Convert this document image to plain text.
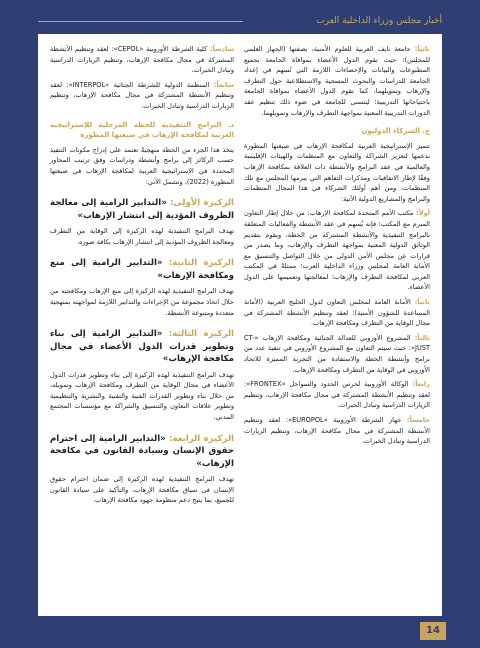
أخبار مجلس وزراء الداخلية العرب

ثانياً: جامعة نايف العربية للعلوم الأمنية، بصفتها (الجهاز العلمي للمجلس): حيث تقوم الدول الأعضاء بموافاة الجامعة بجميع المطبوعات والبيانات والإحصاءات اللازمة التي تُسهم في إعداد الجامعة للدراسات والبحوث المسحية والاستطلاعية حول التطرف والإرهاب وتمويلهما، كما تقوم الدول الأعضاء بموافاة الجامعة باحتياجاتها التدريبية؛ ليتسنى للجامعة في ضوء ذلك تنظيم عقد الدورات التدريبية المعنية بمواجهة التطرف والإرهاب وتمويلهما.

ج. الشركاء الدوليون

تتميز الإستراتيجية العربية لمكافحة الإرهاب في صيغتها المطورة بدعمها لتعزيز الشراكة والتعاون مع المنظمات والهيئات الإقليمية والعالمية في عقد البرامج والأنشطة ذات العلاقة بمكافحة الإرهاب وفقًا لإطار الاتفاقيات ومذكرات التفاهم التي يبرمها المجلس مع تلك المنظمات، ومن أهم أولئك الشركاء في هذا المجال المنظمات والبرامج والمشاريع الدولية الآتية:

أولاً: مكتب الأمم المتحدة لمكافحة الإرهاب: من خلال إطار التعاون المبرم مع المكتب؛ فإنه يُسهم في عقد الأنشطة والفعاليات المتعلقة بالبرامج التنفيذية والأنشطة المشتركة من الخطة، ويقوم بتقديم الوثائق الدولية المعنية بمواجهة التطرف والإرهاب، وما يصدر من قرارات عن مجلس الأمن الدولي من خلال التواصل والتنسيق مع الأمانة العامة لمجلس وزراء الداخلية العرب؛ ممثلةً في المكتب العربي لمكافحة التطرف والإرهاب؛ لمعالجتها وتعميمها على الدول الأعضاء.

ثانياً: الأمانة العامة لمجلس التعاون لدول الخليج العربية (الأمانة المساعدة للشؤون الأمنية): لعقد وتنظيم الأنشطة المشتركة في مجال الوقاية من التطرف ومكافحة الإرهاب.

ثالثاً: المشروع الأوروبي للعدالة الجنائية ومكافحة الإرهاب «CT-JUST»: حيث سيتم التعاون مع المشروع الأوروبي في تنفيذ عدد من برامج وأنشطة الخطة والاستفادة من التجربة المميزة للاتحاد الأوروبي في الوقاية من التطرف ومكافحة الإرهاب.

رابعاً: الوكالة الأوروبية لحرس الحدود والسواحل «FRONTEX»: لعقد وتنظيم الأنشطة المشتركة في مجال مكافحة الإرهاب، وتنظيم الزيارات الدراسية وتبادل الخبرات.

خامساً: جهاز الشرطة الأوروبية «EUROPOL»: لعقد وتنظيم الأنشطة المشتركة في مجال مكافحة الإرهاب، وتنظيم الزيارات الدراسية وتبادل الخبرات.

سادساً: كلية الشرطة الأوروبية «CEPOL»: لعقد وتنظيم الأنشطة المشتركة في مجال مكافحة الإرهاب، وتنظيم الزيارات الدراسية وتبادل الخبرات.

سابعاً: المنظمة الدولية للشرطة الجنائية «INTERPOL»: لعقد وتنظيم الأنشطة المشتركة في مجال مكافحة الإرهاب، وتنظيم الزيارات الدراسية وتبادل الخبرات.

د. البرامج التنفيذية للخطة المرحلية للإستراتيجية العربية لمكافحة الإرهاب في صيغتها المطورة

يتخذ هذا الجزء من الخطة منهجيةً تعتمد على إدراج مكونات التنفيذ حسب الركائز إلى برامج وأنشطة ودراسات وفق ترتيب المحاور المحددة في الإستراتيجية العربية لمكافحة الإرهاب في صيغتها المطورة (2022)، وتشمل الآتي:

الركيزة الأولى: «التدابير الرامية إلى معالجة الظروف المؤدية إلى انتشار الإرهاب»

تهدف البرامج التنفيذية لهذه الركيزة إلى الوقاية من التطرف ومعالجة الظروف المؤدية إلى انتشار الإرهاب بكافة صوره.

الركيزة الثانية: «التدابير الرامية إلى منع ومكافحة الإرهاب»

تهدف البرامج التنفيذية لهذه الركيزة إلى منع الإرهاب ومكافحته من خلال اتخاذ مجموعة من الإجراءات والتدابير اللازمة لمواجهته بمنهجية متعددة ومتنوعة الأنشطة.

الركيزة الثالثة: «التدابير الرامية إلى بناء وتطوير قدرات الدول الأعضاء في مجال مكافحة الإرهاب»

تهدف البرامج التنفيذية لهذه الركيزة إلى بناء وتطوير قدرات الدول الأعضاء في مجال الوقاية من التطرف ومكافحة الإرهاب وتمويله، من خلال بناء وتطوير القدرات الفنية والتقنية والبشرية والتنظيمية وتطوير علاقات التعاون والتنسيق والشراكة مع مؤسسات المجتمع المدني.

الركيزة الرابعة: «التدابير الرامية إلى احترام حقوق الإنسان وسيادة القانون في مكافحة الإرهاب»

تهدف البرامج التنفيذية لهذه الركيزة إلى ضمان احترام حقوق الإنسان في سياق مكافحة الإرهاب، والتأكيد على سيادة القانون للجميع، بما يتيح دعم منظومة جهود مكافحة الإرهاب.

14
